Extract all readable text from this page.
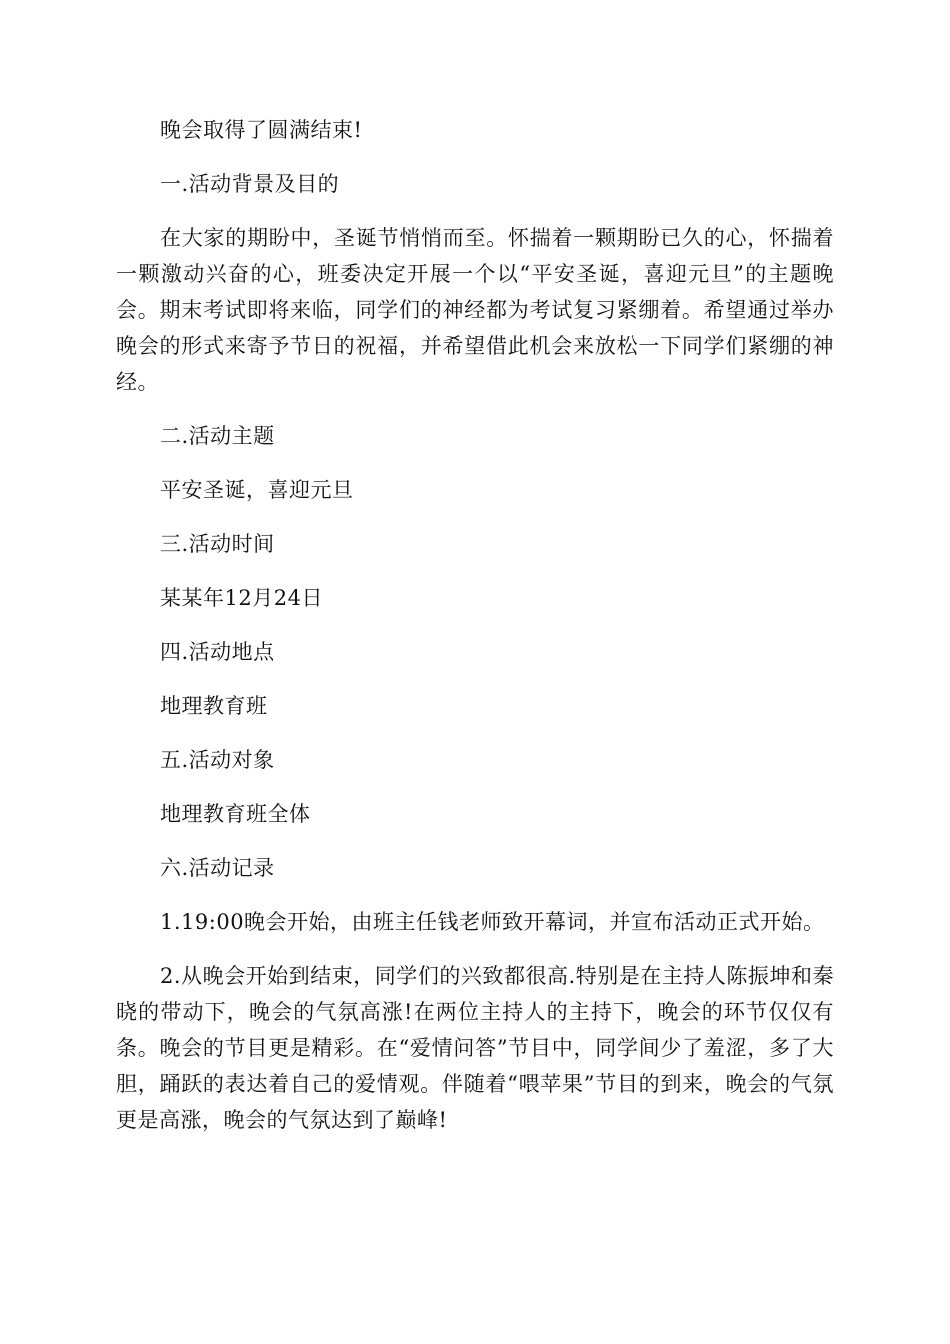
晚会取得了圆满结束!

一.活动背景及目的

在大家的期盼中，圣诞节悄悄而至。怀揣着一颗期盼已久的心，怀揣着一颗激动兴奋的心，班委决定开展一个以“平安圣诞，喜迎元旦”的主题晚会。期末考试即将来临，同学们的神经都为考试复习紧绷着。希望通过举办晚会的形式来寄予节日的祝福，并希望借此机会来放松一下同学们紧绷的神经。

二.活动主题

平安圣诞，喜迎元旦

三.活动时间

某某年12月24日

四.活动地点

地理教育班

五.活动对象

地理教育班全体

六.活动记录

1.19:00晚会开始，由班主任钱老师致开幕词，并宣布活动正式开始。

2.从晚会开始到结束，同学们的兴致都很高.特别是在主持人陈振坤和秦晓的带动下，晚会的气氛高涨!在两位主持人的主持下，晚会的环节仅仅有条。晚会的节目更是精彩。在“爱情问答”节目中，同学间少了羞涩，多了大胆，踊跃的表达着自己的爱情观。伴随着“喂苹果”节目的到来，晚会的气氛更是高涨，晚会的气氛达到了巅峰!
